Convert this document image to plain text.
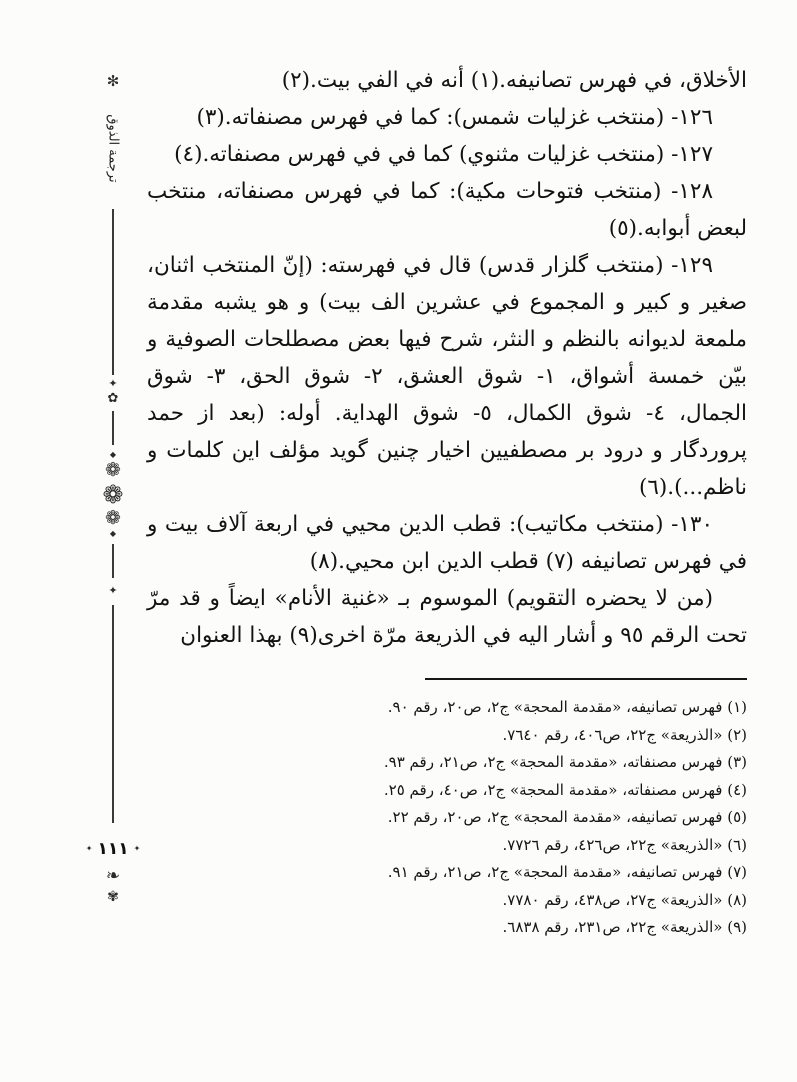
✻
ترجمة الذوق
✦
✿
◆
❁
❁
❁
◆
✦
✦ ١١١ ✦
❧
✾

الأخلاق، في فهرس تصانيفه.(١) أنه في الفي بيت.(٢)

١٢٦- (منتخب غزليات شمس): كما في فهرس مصنفاته.(٣)

١٢٧- (منتخب غزليات مثنوي) كما في في فهرس مصنفاته.(٤)

١٢٨- (منتخب فتوحات مكية): كما في فهرس مصنفاته، منتخب لبعض أبوابه.(٥)

١٢٩- (منتخب گلزار قدس) قال في فهرسته: (إنّ المنتخب اثنان، صغير و كبير و المجموع في عشرين الف بيت) و هو يشبه مقدمة ملمعة لديوانه بالنظم و النثر، شرح فيها بعض مصطلحات الصوفية و بيّن خمسة أشواق، ١- شوق العشق، ٢- شوق الحق، ٣- شوق الجمال، ٤- شوق الكمال، ٥- شوق الهداية. أوله: (بعد از حمد پروردگار و درود بر مصطفيين اخيار چنين گويد مؤلف اين كلمات و ناظم...).(٦)

١٣٠- (منتخب مكاتيب): قطب الدين محيي في اربعة آلاف بيت و في فهرس تصانيفه (٧) قطب الدين ابن محيي.(٨)

(من لا يحضره التقويم) الموسوم بـ «غنية الأنام» ايضاً و قد مرّ تحت الرقم ٩٥ و أشار اليه في الذريعة مرّة اخرى(٩) بهذا العنوان

(١) فهرس تصانيفه، «مقدمة المحجة» ج٢، ص٢٠، رقم ٩٠.

(٢) «الذريعة» ج٢٢، ص٤٠٦، رقم ٧٦٤٠.

(٣) فهرس مصنفاته، «مقدمة المحجة» ج٢، ص٢١، رقم ٩٣.

(٤) فهرس مصنفاته، «مقدمة المحجة» ج٢، ص٤٠، رقم ٢٥.

(٥) فهرس تصانيفه، «مقدمة المحجة» ج٢، ص٢٠، رقم ٢٢.

(٦) «الذريعة» ج٢٢، ص٤٢٦، رقم ٧٧٢٦.

(٧) فهرس تصانيفه، «مقدمة المحجة» ج٢، ص٢١، رقم ٩١.

(٨) «الذريعة» ج٢٧، ص٤٣٨، رقم ٧٧٨٠.

(٩) «الذريعة» ج٢٢، ص٢٣١، رقم ٦٨٣٨.
